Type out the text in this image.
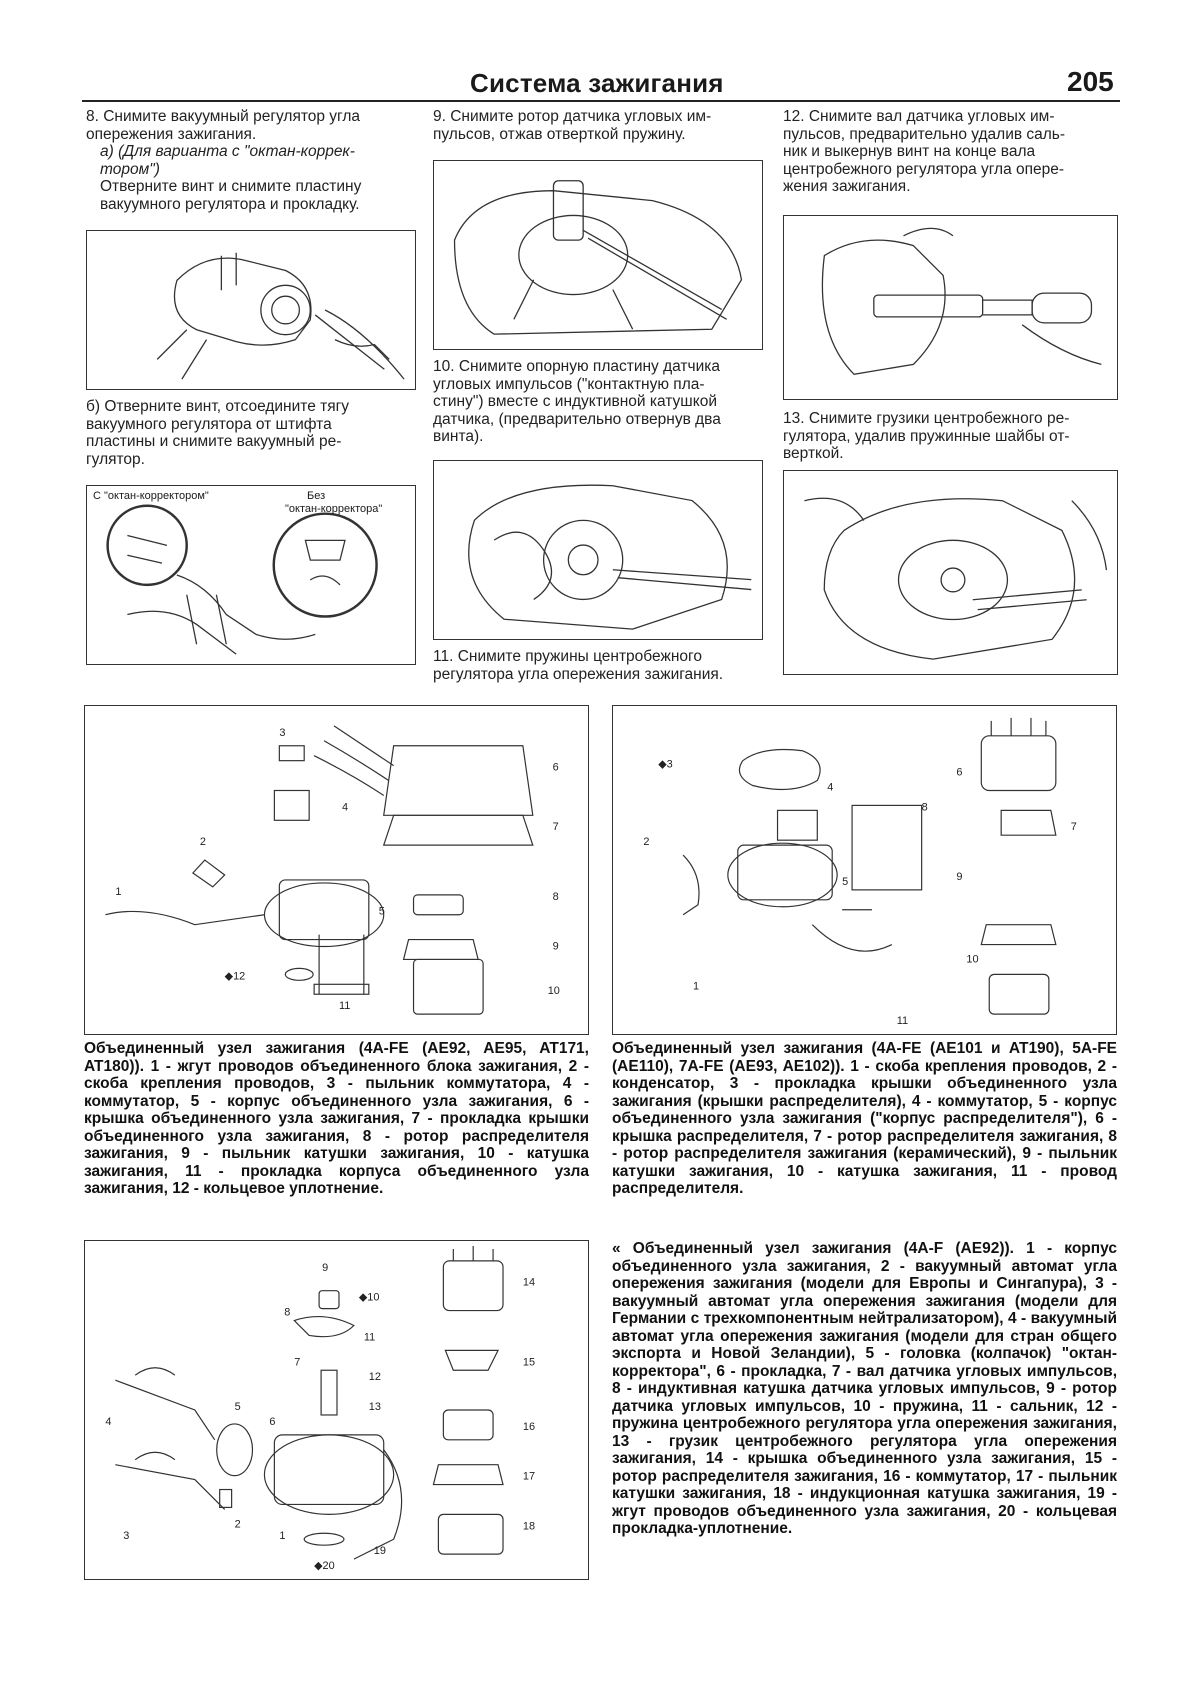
Система зажигания	205
8. Снимите вакуумный регулятор угла
опережения зажигания.
а) (Для варианта с "октан-коррек-
тором")
Отверните винт и снимите пластину
вакуумного регулятора и прокладку.
б) Отверните винт, отсоедините тягу
вакуумного регулятора от штифта
пластины и снимите вакуумный ре-
гулятор.
С "октан-корректором"	Без
"октан-корректора"
9. Снимите ротор датчика угловых им-
пульсов, отжав отверткой пружину.
10. Снимите опорную пластину датчика
угловых импульсов ("контактную пла-
стину") вместе с индуктивной катушкой
датчика, (предварительно отвернув два
винта).
11. Снимите пружины центробежного
регулятора угла опережения зажигания.
12. Снимите вал датчика угловых им-
пульсов, предварительно удалив саль-
ник и выкернув винт на конце вала
центробежного регулятора угла опере-
жения зажигания.
13. Снимите грузики центробежного ре-
гулятора, удалив пружинные шайбы от-
верткой.
1
2
3
4
5
6
7
8
9
10
11
◆12
1
2
◆3
4
5
6
7
8
9
10
11
Объединенный узел зажигания (4A-FE (AE92, AE95, AT171, AT180)). 1 - жгут проводов объединенного блока зажигания, 2 - скоба крепления проводов, 3 - пыльник коммутатора, 4 - коммутатор, 5 - корпус объединенного узла зажигания, 6 - крышка объединенного узла зажигания, 7 - прокладка крышки объединенного узла зажигания, 8 - ротор распределителя зажигания, 9 - пыльник катушки зажигания, 10 - катушка зажигания, 11 - прокладка корпуса объединенного узла зажигания, 12 - кольцевое уплотнение.
Объединенный узел зажигания (4A-FE (AE101 и AT190), 5A-FE (AE110), 7A-FE (AE93, AE102)). 1 - скоба крепления проводов, 2 - конденсатор, 3 - прокладка крышки объединенного узла зажигания (крышки распределителя), 4 - коммутатор, 5 - корпус объединенного узла зажигания ("корпус распределителя"), 6 - крышка распределителя, 7 - ротор распределителя зажигания, 8 - ротор распределителя зажигания (керамический), 9 - пыльник катушки зажигания, 10 - катушка зажигания, 11 - провод распределителя.
1
2
3
4
5
6
7
8
9
◆10
11
12
13
14
15
16
17
18
19
◆20
« Объединенный узел зажигания (4A-F (AE92)). 1 - корпус объединенного узла зажигания, 2 - вакуумный автомат угла опережения зажигания (модели для Европы и Сингапура), 3 - вакуумный автомат угла опережения зажигания (модели для Германии с трехкомпонентным нейтрализатором), 4 - вакуумный автомат угла опережения зажигания (модели для стран общего экспорта и Новой Зеландии), 5 - головка (колпачок) "октан-корректора", 6 - прокладка, 7 - вал датчика угловых импульсов, 8 - индуктивная катушка датчика угловых импульсов, 9 - ротор датчика угловых импульсов, 10 - пружина, 11 - сальник, 12 - пружина центробежного регулятора угла опережения зажигания, 13 - грузик центробежного регулятора угла опережения зажигания, 14 - крышка объединенного узла зажигания, 15 - ротор распределителя зажигания, 16 - коммутатор, 17 - пыльник катушки зажигания, 18 - индукционная катушка зажигания, 19 - жгут проводов объединенного узла зажигания, 20 - кольцевая прокладка-уплотнение.
